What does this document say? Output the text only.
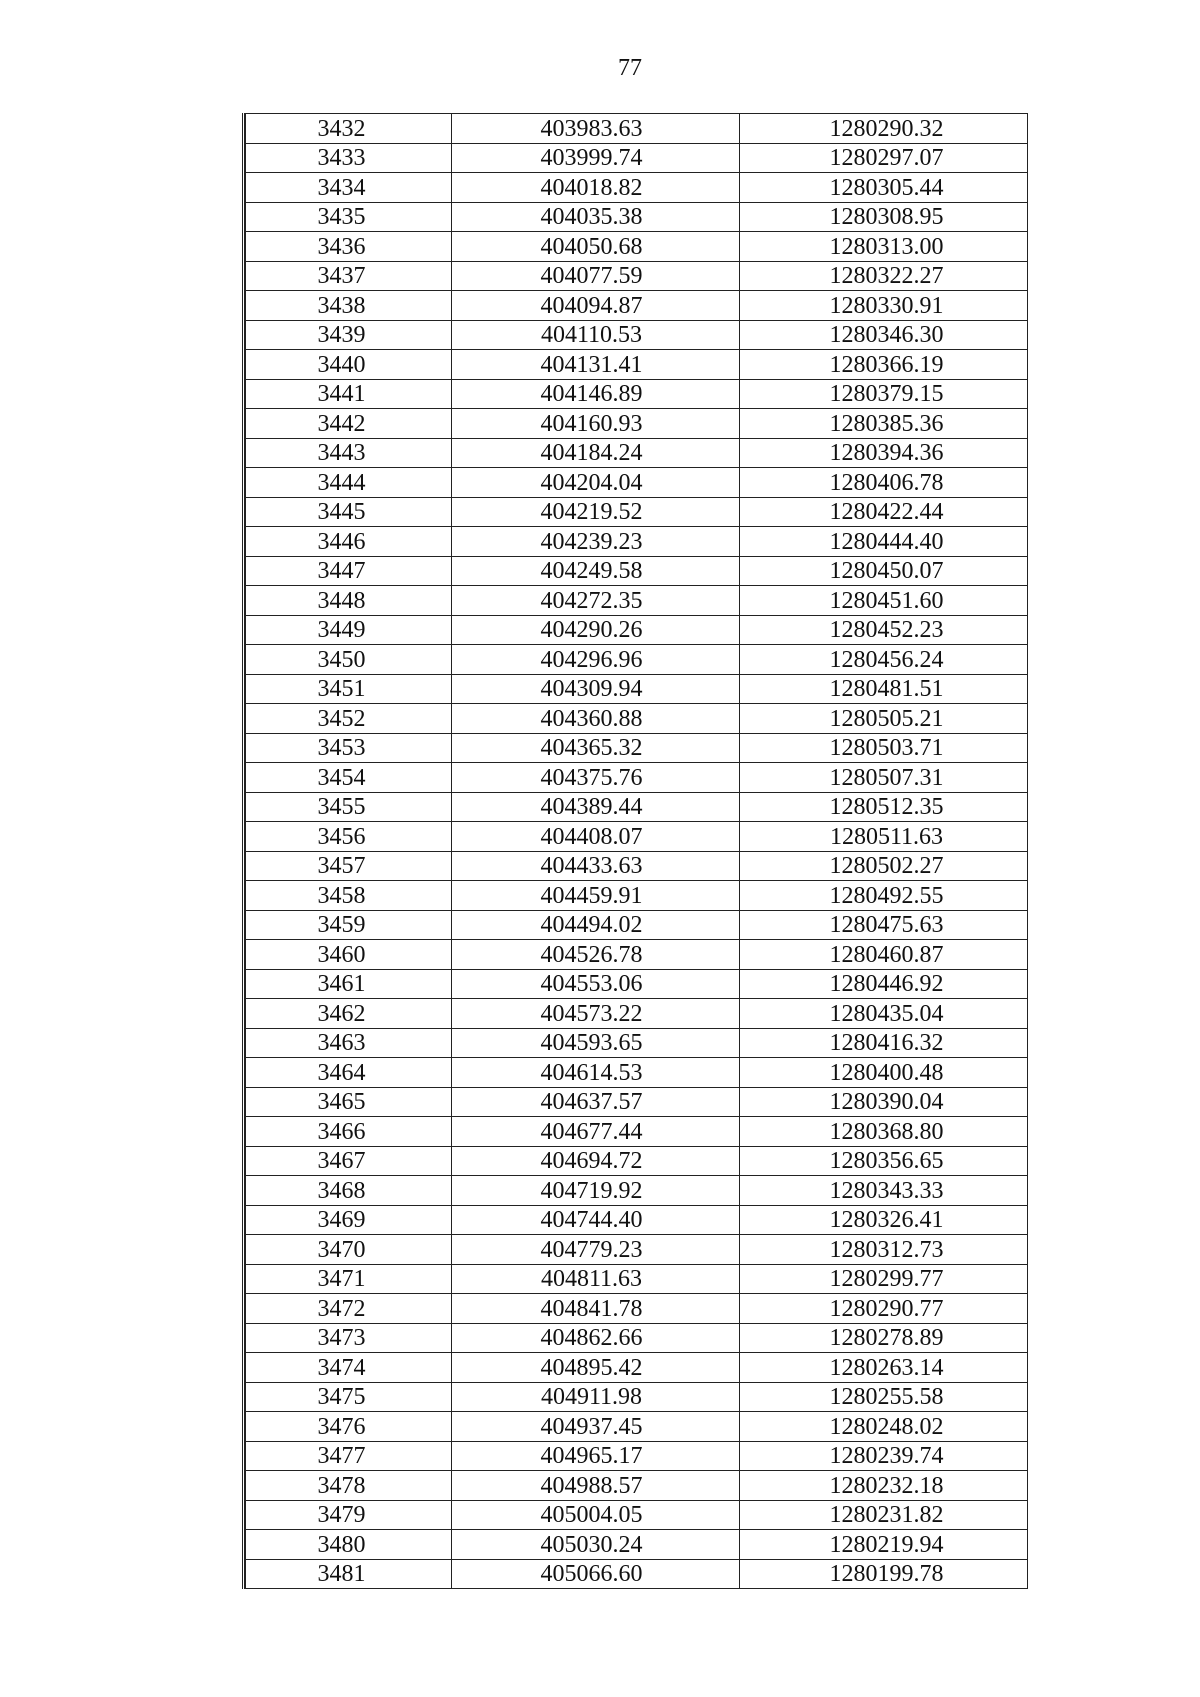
77
3432	403983.63	1280290.32
3433	403999.74	1280297.07
3434	404018.82	1280305.44
3435	404035.38	1280308.95
3436	404050.68	1280313.00
3437	404077.59	1280322.27
3438	404094.87	1280330.91
3439	404110.53	1280346.30
3440	404131.41	1280366.19
3441	404146.89	1280379.15
3442	404160.93	1280385.36
3443	404184.24	1280394.36
3444	404204.04	1280406.78
3445	404219.52	1280422.44
3446	404239.23	1280444.40
3447	404249.58	1280450.07
3448	404272.35	1280451.60
3449	404290.26	1280452.23
3450	404296.96	1280456.24
3451	404309.94	1280481.51
3452	404360.88	1280505.21
3453	404365.32	1280503.71
3454	404375.76	1280507.31
3455	404389.44	1280512.35
3456	404408.07	1280511.63
3457	404433.63	1280502.27
3458	404459.91	1280492.55
3459	404494.02	1280475.63
3460	404526.78	1280460.87
3461	404553.06	1280446.92
3462	404573.22	1280435.04
3463	404593.65	1280416.32
3464	404614.53	1280400.48
3465	404637.57	1280390.04
3466	404677.44	1280368.80
3467	404694.72	1280356.65
3468	404719.92	1280343.33
3469	404744.40	1280326.41
3470	404779.23	1280312.73
3471	404811.63	1280299.77
3472	404841.78	1280290.77
3473	404862.66	1280278.89
3474	404895.42	1280263.14
3475	404911.98	1280255.58
3476	404937.45	1280248.02
3477	404965.17	1280239.74
3478	404988.57	1280232.18
3479	405004.05	1280231.82
3480	405030.24	1280219.94
3481	405066.60	1280199.78
